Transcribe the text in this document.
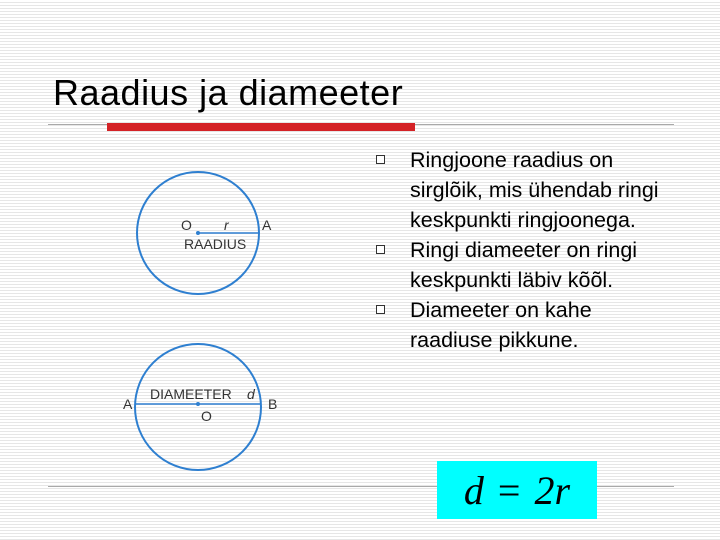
Raadius ja diameeter
O r A
RAADIUS
A	B
DIAMEETER d
O
Ringjoone raadius on sirglõik, mis ühendab ringi keskpunkti ringjoonega.
Ringi diameeter on ringi keskpunkti läbiv kõõl.
Diameeter on kahe raadiuse pikkune.
d = 2r
